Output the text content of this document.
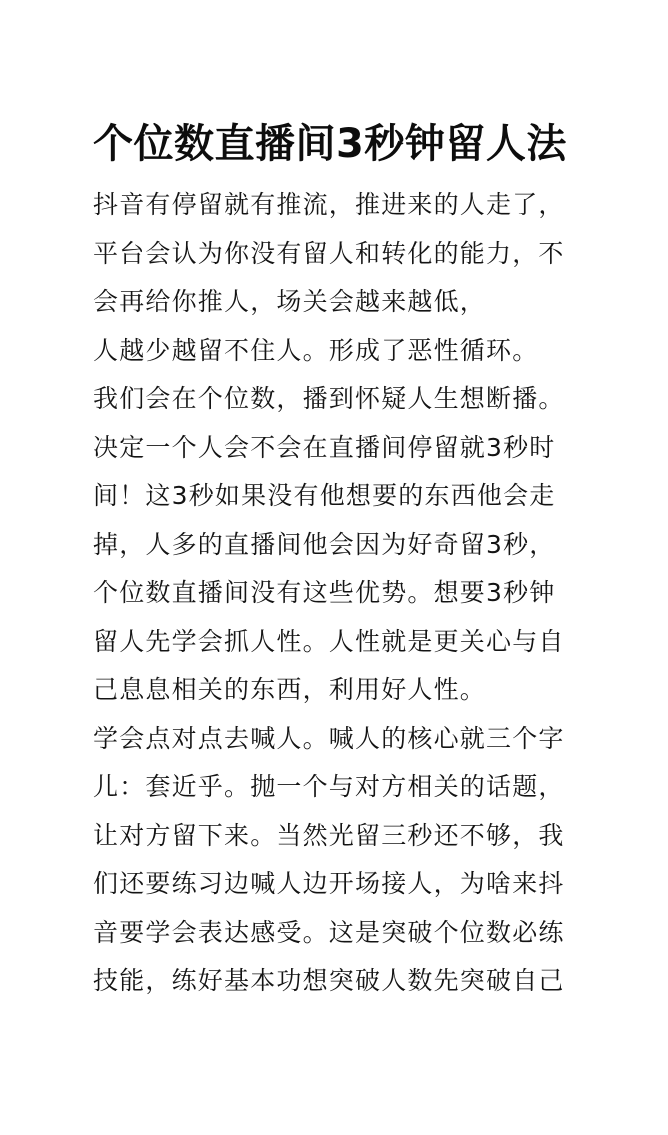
个位数直播间3秒钟留人法
抖音有停留就有推流，推进来的人走了，
平台会认为你没有留人和转化的能力，不
会再给你推人，场关会越来越低，
人越少越留不住人。形成了恶性循环。
我们会在个位数，播到怀疑人生想断播。
决定一个人会不会在直播间停留就3秒时
间！这3秒如果没有他想要的东西他会走
掉，人多的直播间他会因为好奇留3秒，
个位数直播间没有这些优势。想要3秒钟
留人先学会抓人性。人性就是更关心与自
己息息相关的东西，利用好人性。
学会点对点去喊人。喊人的核心就三个字
儿：套近乎。抛一个与对方相关的话题，
让对方留下来。当然光留三秒还不够，我
们还要练习边喊人边开场接人，为啥来抖
音要学会表达感受。这是突破个位数必练
技能，练好基本功想突破人数先突破自己
